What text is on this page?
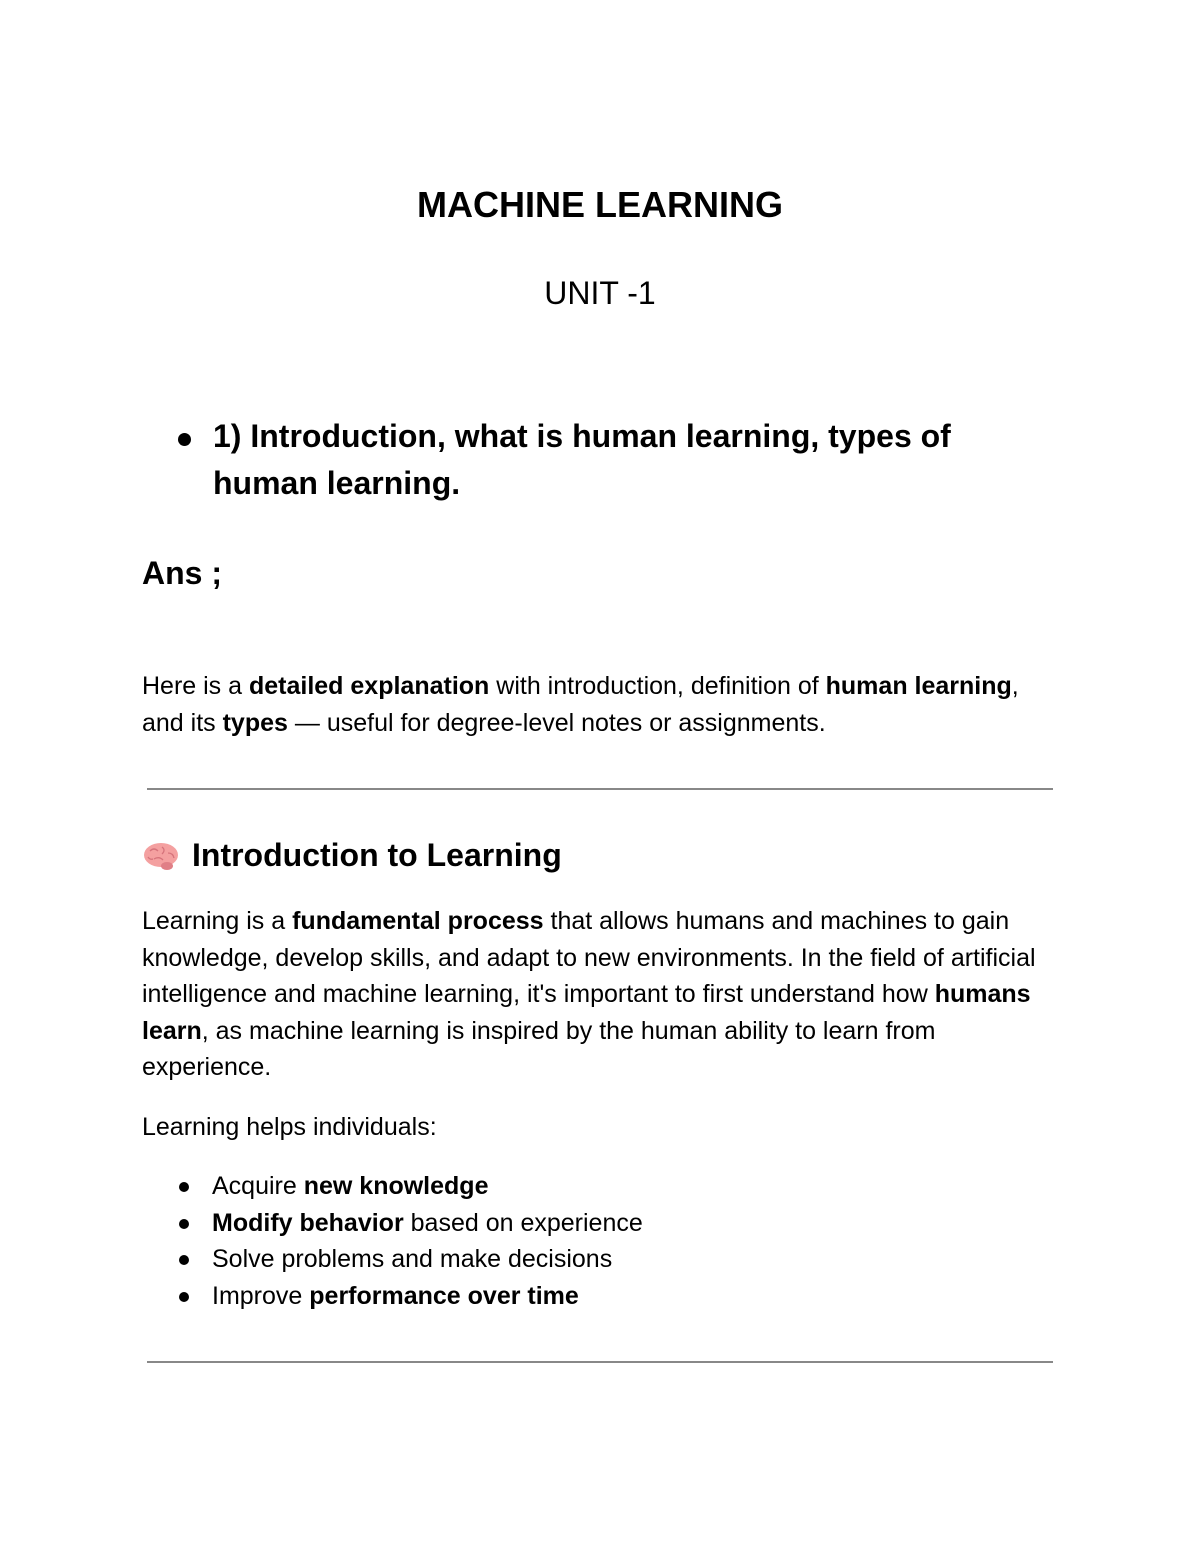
MACHINE LEARNING
UNIT -1
1) Introduction, what is human learning, types of human learning.
Ans ;

Here is a detailed explanation with introduction, definition of human learning, and its types — useful for degree-level notes or assignments.

Introduction to Learning

Learning is a fundamental process that allows humans and machines to gain knowledge, develop skills, and adapt to new environments. In the field of artificial intelligence and machine learning, it's important to first understand how humans learn, as machine learning is inspired by the human ability to learn from experience.

Learning helps individuals:

Acquire new knowledge
Modify behavior based on experience
Solve problems and make decisions
Improve performance over time
